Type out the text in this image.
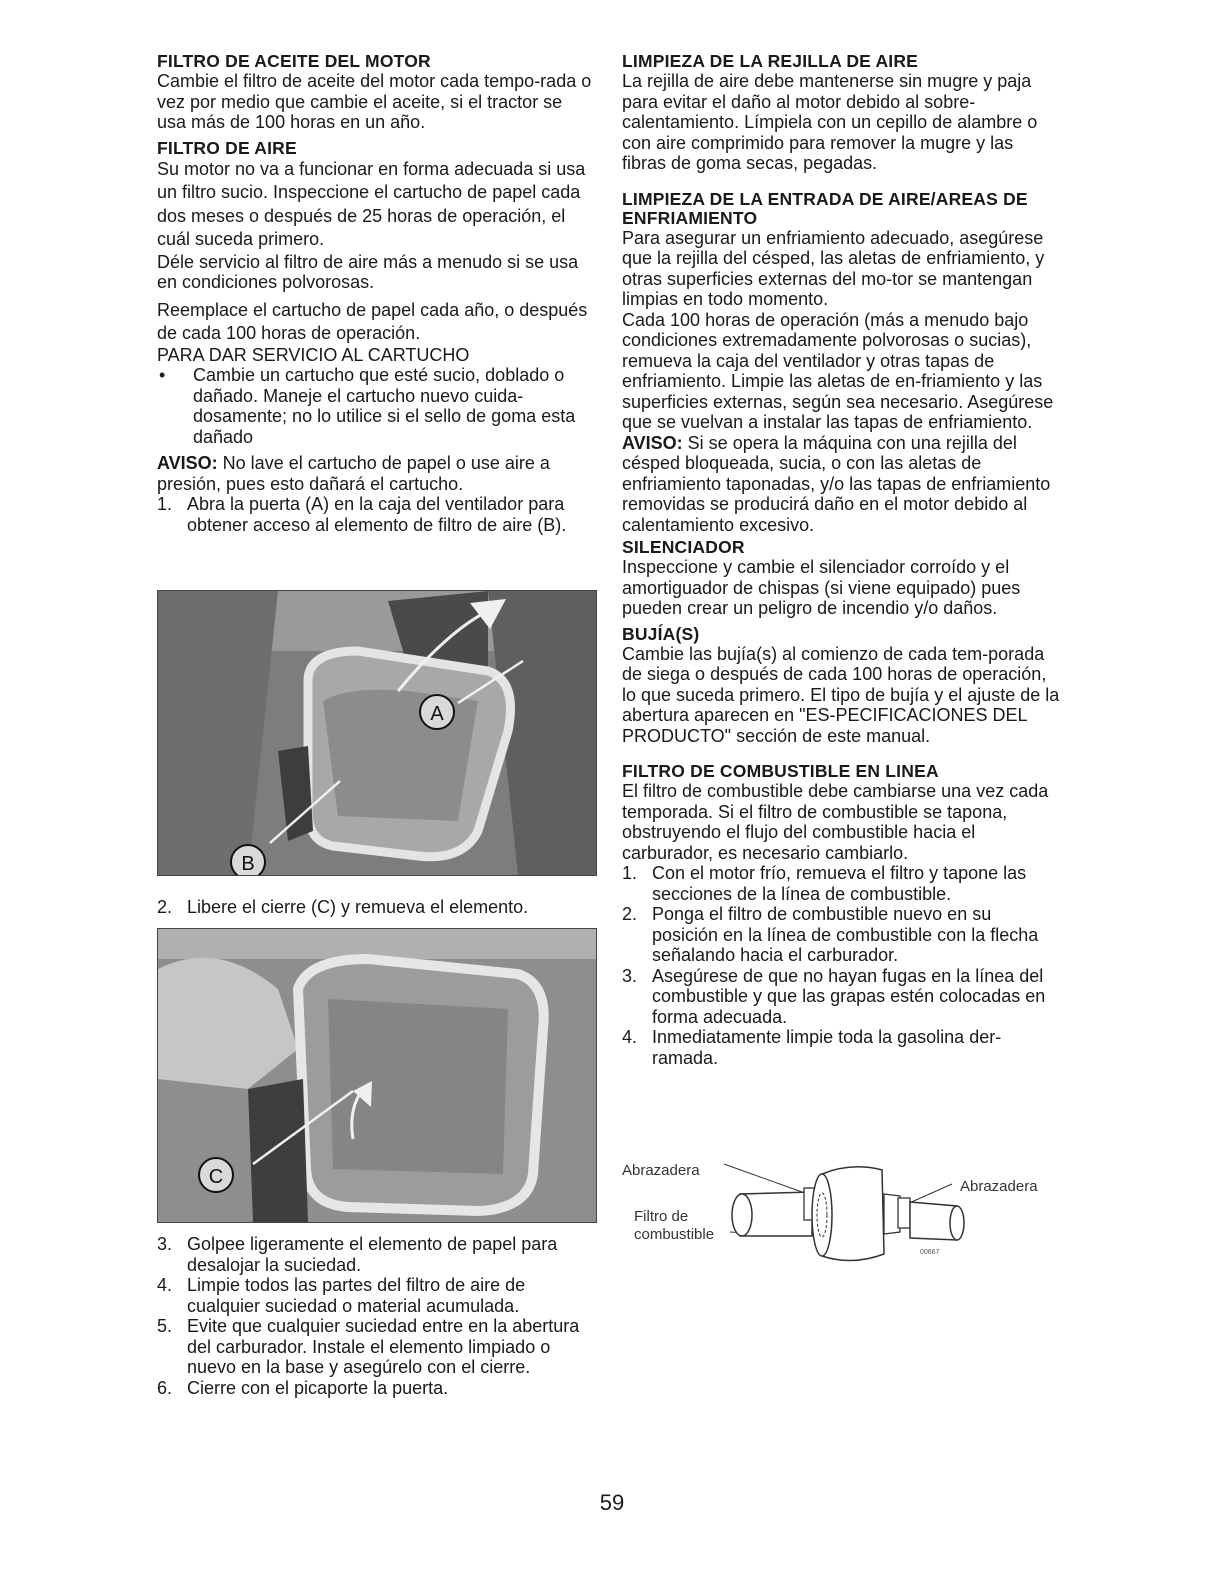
FILTRO DE ACEITE DEL MOTOR

Cambie el filtro de aceite del motor cada tempo-rada o vez por medio que cambie el aceite, si el tractor se usa más de 100 horas en un año.

FILTRO DE AIRE

Su motor no va a funcionar en forma adecuada si usa un filtro sucio. Inspeccione el cartucho de papel cada dos meses o después de 25 horas de operación, el cuál suceda primero.

Déle servicio al filtro de aire más a menudo si se usa en condiciones polvorosas.

Reemplace el cartucho de papel cada año, o después de cada 100 horas de operación.

PARA DAR SERVICIO AL CARTUCHO

•	Cambie un cartucho que esté sucio, doblado o dañado. Maneje el cartucho nuevo cuida-dosamente; no lo utilice si el sello de goma esta dañado

AVISO: No lave el cartucho de papel o use aire a presión, pues esto dañará el cartucho.

1. Abra la puerta (A) en la caja del ventilador para obtener acceso al elemento de filtro de aire (B).
A
B
2. Libere el cierre (C) y remueva el elemento.
C
3. Golpee ligeramente el elemento de papel para desalojar la suciedad.
4. Limpie todos las partes del filtro de aire de cualquier suciedad o material acumulada.
5. Evite que cualquier suciedad entre en la abertura del carburador. Instale el elemento limpiado o nuevo en la base y asegúrelo con el cierre.
6. Cierre con el picaporte la puerta.
LIMPIEZA DE LA REJILLA DE AIRE

La rejilla de aire debe mantenerse sin mugre y paja para evitar el daño al motor debido al sobre-calentamiento. Límpiela con un cepillo de alambre o con aire comprimido para remover la mugre y las fibras de goma secas, pegadas.

LIMPIEZA DE LA ENTRADA DE AIRE/AREAS DE ENFRIAMIENTO

Para asegurar un enfriamiento adecuado, asegúrese que la rejilla del césped, las aletas de enfriamiento, y otras superficies externas del mo-tor se mantengan limpias en todo momento.

Cada 100 horas de operación (más a menudo bajo condiciones extremadamente polvorosas o sucias), remueva la caja del ventilador y otras tapas de enfriamiento. Limpie las aletas de en-friamiento y las superficies externas, según sea necesario. Asegúrese que se vuelvan a instalar las tapas de enfriamiento.

AVISO: Si se opera la máquina con una rejilla del césped bloqueada, sucia, o con las aletas de enfriamiento taponadas, y/o las tapas de enfriamiento removidas se producirá daño en el motor debido al calentamiento excesivo.

SILENCIADOR

Inspeccione y cambie el silenciador corroído y el amortiguador de chispas (si viene equipado) pues pueden crear un peligro de incendio y/o daños.

BUJÍA(S)

Cambie las bujía(s) al comienzo de cada tem-porada de siega o después de cada 100 horas de operación, lo que suceda primero. El tipo de bujía y el ajuste de la abertura aparecen en "ES-PECIFICACIONES DEL PRODUCTO" sección de este manual.

FILTRO DE COMBUSTIBLE EN LINEA

El filtro de combustible debe cambiarse una vez cada temporada. Si el filtro de combustible se tapona, obstruyendo el flujo del combustible hacia el carburador, es necesario cambiarlo.

1. Con el motor frío, remueva el filtro y tapone las secciones de la línea de combustible.
2. Ponga el filtro de combustible nuevo en su posición en la línea de combustible con la flecha señalando hacia el carburador.
3. Asegúrese de que no hayan fugas en la línea del combustible y que las grapas estén colocadas en forma adecuada.
4. Inmediatamente limpie toda la gasolina der-ramada.
00667
Abrazadera
Abrazadera
Filtro de
combustible
59
